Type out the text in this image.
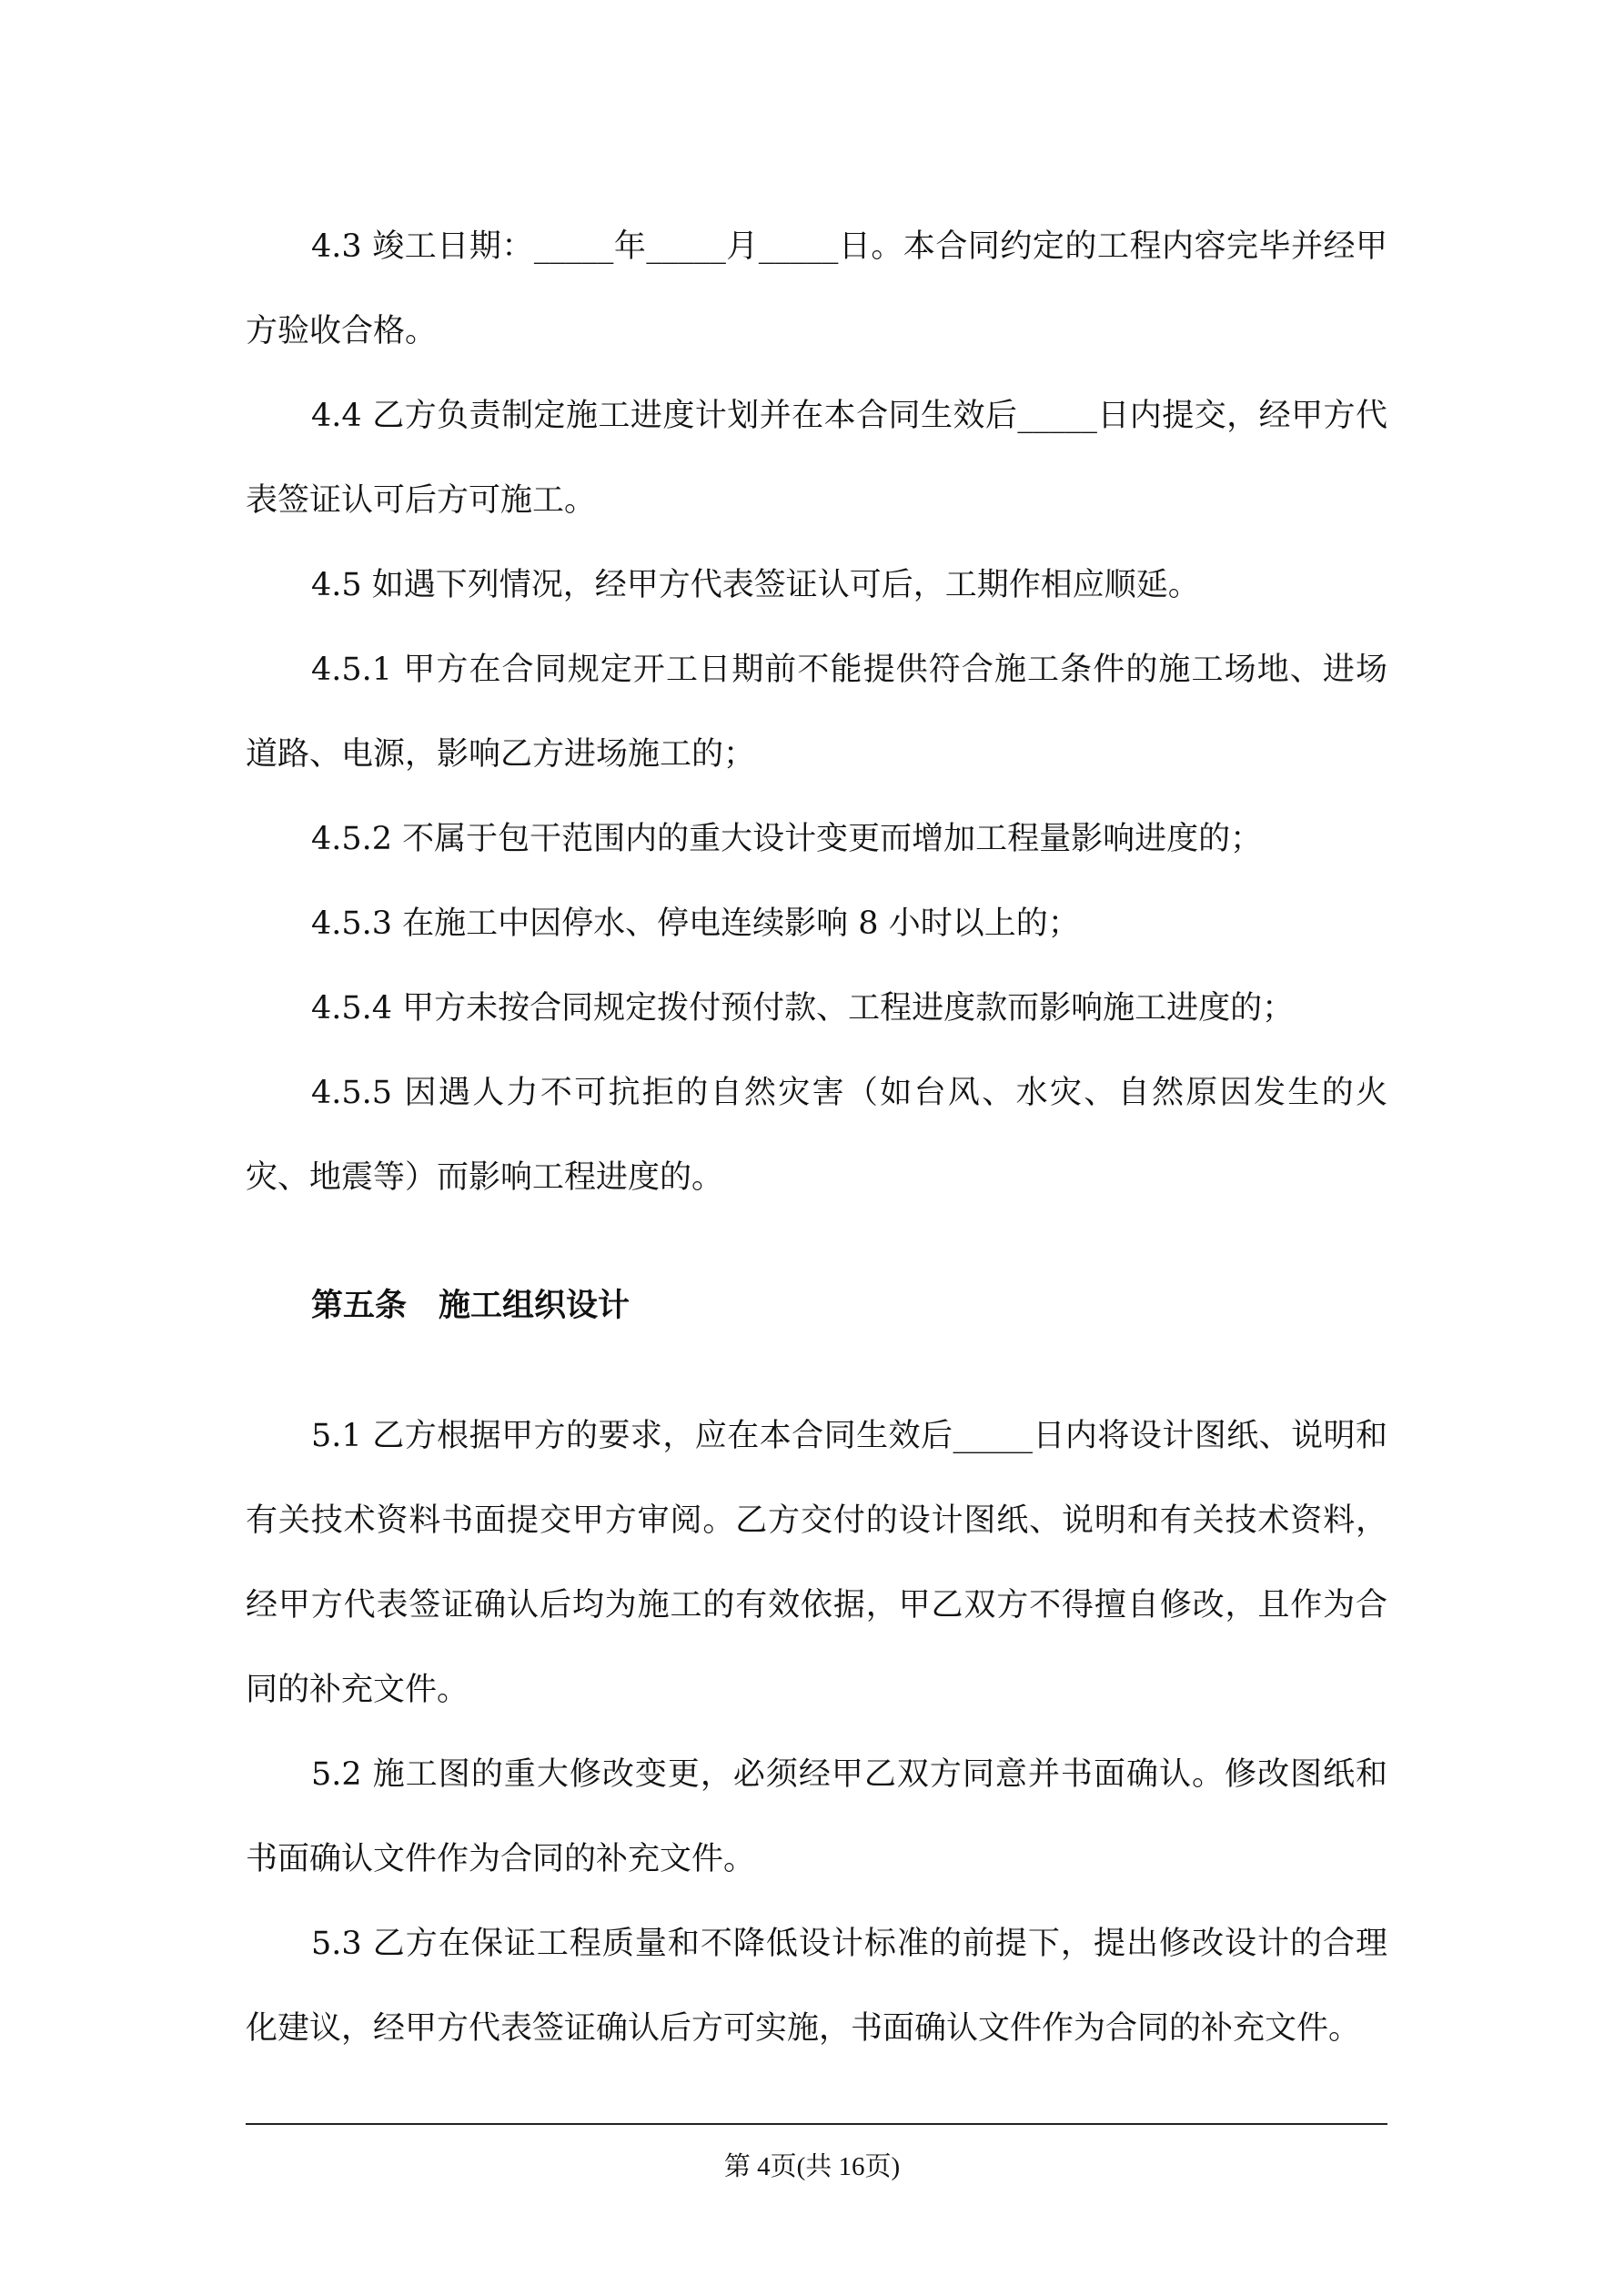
4.3 竣工日期：_____年_____月_____日。本合同约定的工程内容完毕并经甲方验收合格。

4.4 乙方负责制定施工进度计划并在本合同生效后_____日内提交，经甲方代表签证认可后方可施工。

4.5 如遇下列情况，经甲方代表签证认可后，工期作相应顺延。

4.5.1 甲方在合同规定开工日期前不能提供符合施工条件的施工场地、进场道路、电源，影响乙方进场施工的；

4.5.2 不属于包干范围内的重大设计变更而增加工程量影响进度的；

4.5.3 在施工中因停水、停电连续影响 8 小时以上的；

4.5.4 甲方未按合同规定拨付预付款、工程进度款而影响施工进度的；

4.5.5 因遇人力不可抗拒的自然灾害（如台风、水灾、自然原因发生的火灾、地震等）而影响工程进度的。

第五条　施工组织设计

5.1 乙方根据甲方的要求，应在本合同生效后_____日内将设计图纸、说明和有关技术资料书面提交甲方审阅。乙方交付的设计图纸、说明和有关技术资料，经甲方代表签证确认后均为施工的有效依据，甲乙双方不得擅自修改，且作为合同的补充文件。

5.2 施工图的重大修改变更，必须经甲乙双方同意并书面确认。修改图纸和书面确认文件作为合同的补充文件。

5.3 乙方在保证工程质量和不降低设计标准的前提下，提出修改设计的合理化建议，经甲方代表签证确认后方可实施，书面确认文件作为合同的补充文件。

第 4页(共 16页)
